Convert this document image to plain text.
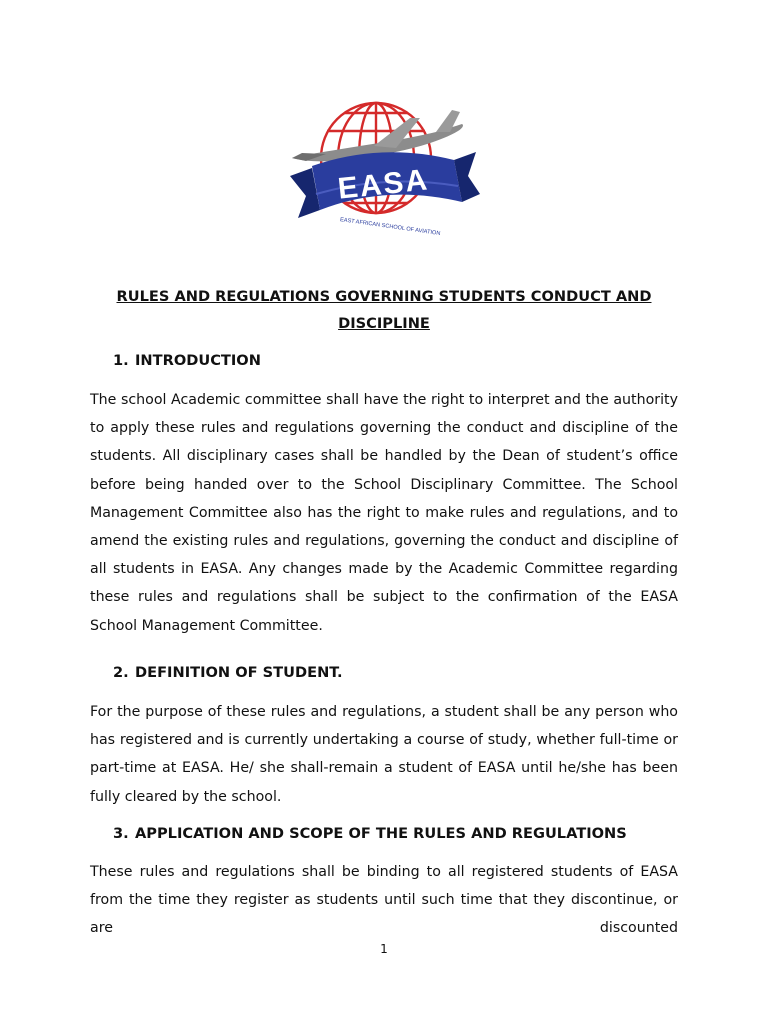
EASA
EAST AFRICAN SCHOOL OF AVIATION
RULES AND REGULATIONS GOVERNING STUDENTS CONDUCT AND DISCIPLINE
1. INTRODUCTION

The school Academic committee shall have the right to interpret and the authority to apply these rules and regulations governing the conduct and discipline of the students. All disciplinary cases shall be handled by the Dean of student’s office before being handed over to the School Disciplinary Committee. The School Management Committee also has the right to make rules and regulations, and to amend the existing rules and regulations, governing the conduct and discipline of all students in EASA. Any changes made by the Academic Committee regarding these rules and regulations shall be subject to the confirmation of the EASA School Management Committee.

2. DEFINITION OF STUDENT.

For the purpose of these rules and regulations, a student shall be any person who has registered and is currently undertaking a course of study, whether full-time or part-time at EASA. He/ she shall-remain a student of EASA until he/she has been fully cleared by the school.

3. APPLICATION AND SCOPE OF THE RULES AND REGULATIONS

These rules and regulations shall be binding to all registered students of EASA from the time they register as students until such time that they discontinue, or are discounted

1
